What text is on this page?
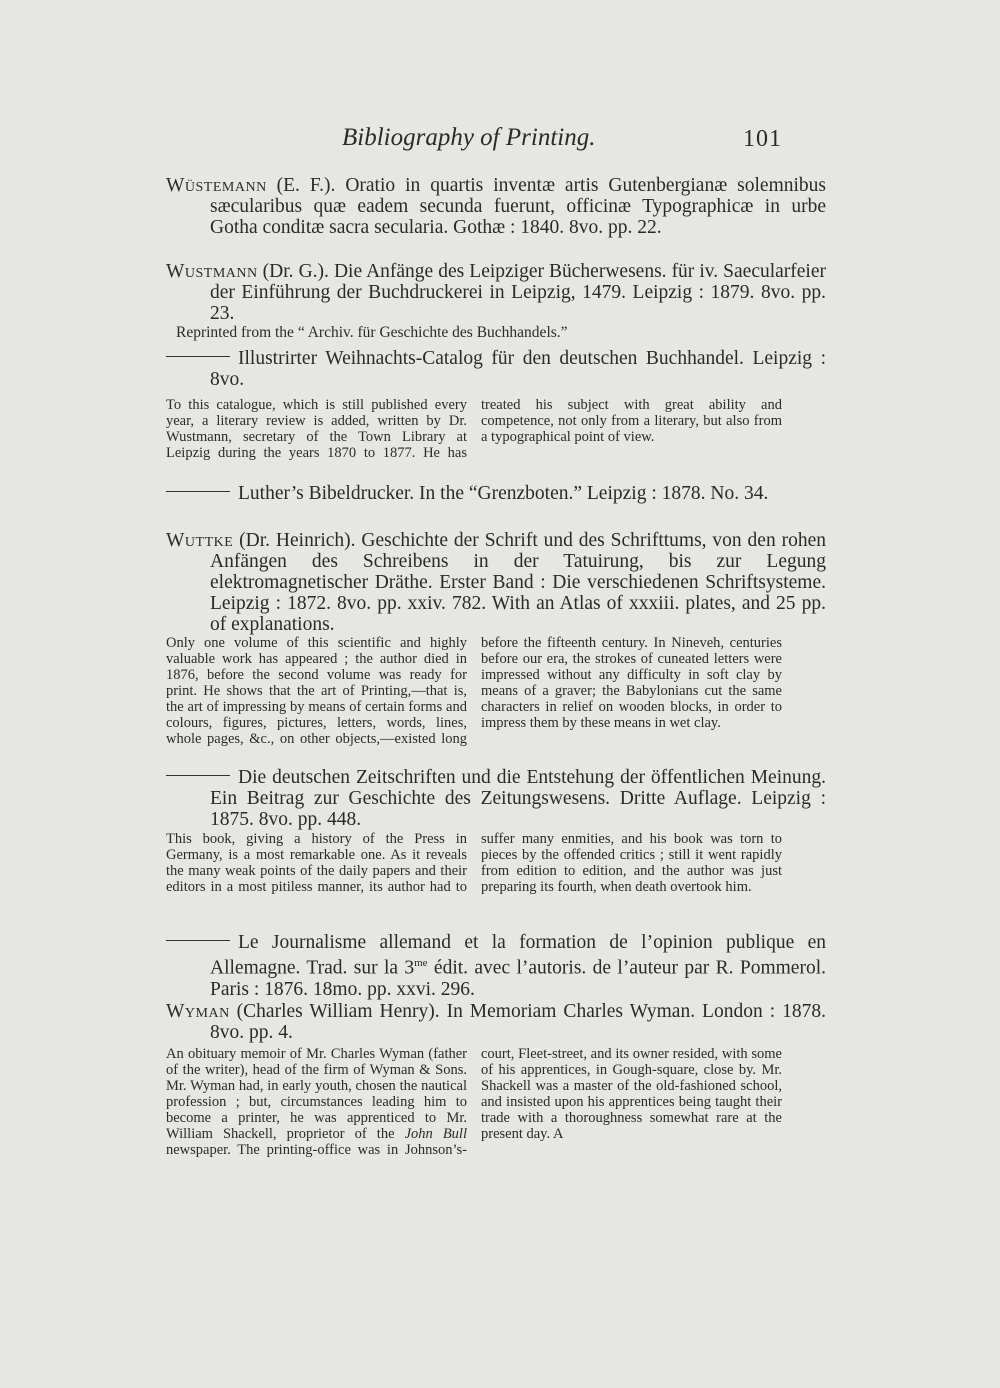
Bibliography of Printing.	101
Wüstemann (E. F.). Oratio in quartis inventæ artis Gutenbergianæ solemnibus sæcularibus quæ eadem secunda fuerunt, officinæ Typographicæ in urbe Gotha conditæ sacra secularia. Gothæ : 1840. 8vo. pp. 22.
Wustmann (Dr. G.). Die Anfänge des Leipziger Bücherwesens. für iv. Saecularfeier der Einführung der Buchdruckerei in Leipzig, 1479. Leipzig : 1879. 8vo. pp. 23.
Reprinted from the “ Archiv. für Geschichte des Buchhandels.”
Illustrirter Weihnachts-Catalog für den deutschen Buchhandel. Leipzig : 8vo.
To this catalogue, which is still published every year, a literary review is added, written by Dr. Wustmann, secretary of the Town Library at Leipzig during the years 1870 to 1877. He has treated his subject with great ability and competence, not only from a literary, but also from a typographical point of view.
Luther’s Bibeldrucker. In the “Grenzboten.” Leipzig : 1878. No. 34.
Wuttke (Dr. Heinrich). Geschichte der Schrift und des Schrifttums, von den rohen Anfängen des Schreibens in der Tatuirung, bis zur Legung elektromagnetischer Dräthe. Erster Band : Die verschiedenen Schriftsysteme. Leipzig : 1872. 8vo. pp. xxiv. 782. With an Atlas of xxxiii. plates, and 25 pp. of explanations.
Only one volume of this scientific and highly valuable work has appeared ; the author died in 1876, before the second volume was ready for print. He shows that the art of Printing,—that is, the art of impressing by means of certain forms and colours, figures, pictures, letters, words, lines, whole pages, &c., on other objects,—existed long before the fifteenth century. In Nineveh, centuries before our era, the strokes of cuneated letters were impressed without any difficulty in soft clay by means of a graver; the Babylonians cut the same characters in relief on wooden blocks, in order to impress them by these means in wet clay.
Die deutschen Zeitschriften und die Entstehung der öffentlichen Meinung. Ein Beitrag zur Geschichte des Zeitungswesens. Dritte Auflage. Leipzig : 1875. 8vo. pp. 448.
This book, giving a history of the Press in Germany, is a most remarkable one. As it reveals the many weak points of the daily papers and their editors in a most pitiless manner, its author had to suffer many enmities, and his book was torn to pieces by the offended critics ; still it went rapidly from edition to edition, and the author was just preparing its fourth, when death overtook him.
Le Journalisme allemand et la formation de l’opinion publique en Allemagne. Trad. sur la $3^{me}$ édit. avec l’autoris. de l’auteur par R. Pommerol. Paris : 1876. 18mo. pp. xxvi. 296.
Wyman (Charles William Henry). In Memoriam Charles Wyman. London : 1878. 8vo. pp. 4.
An obituary memoir of Mr. Charles Wyman (father of the writer), head of the firm of Wyman & Sons. Mr. Wyman had, in early youth, chosen the nautical profession ; but, circumstances leading him to become a printer, he was apprenticed to Mr. William Shackell, proprietor of the John Bull newspaper. The printing-office was in Johnson’s-court, Fleet-street, and its owner resided, with some of his apprentices, in Gough-square, close by. Mr. Shackell was a master of the old-fashioned school, and insisted upon his apprentices being taught their trade with a thoroughness somewhat rare at the present day. A
